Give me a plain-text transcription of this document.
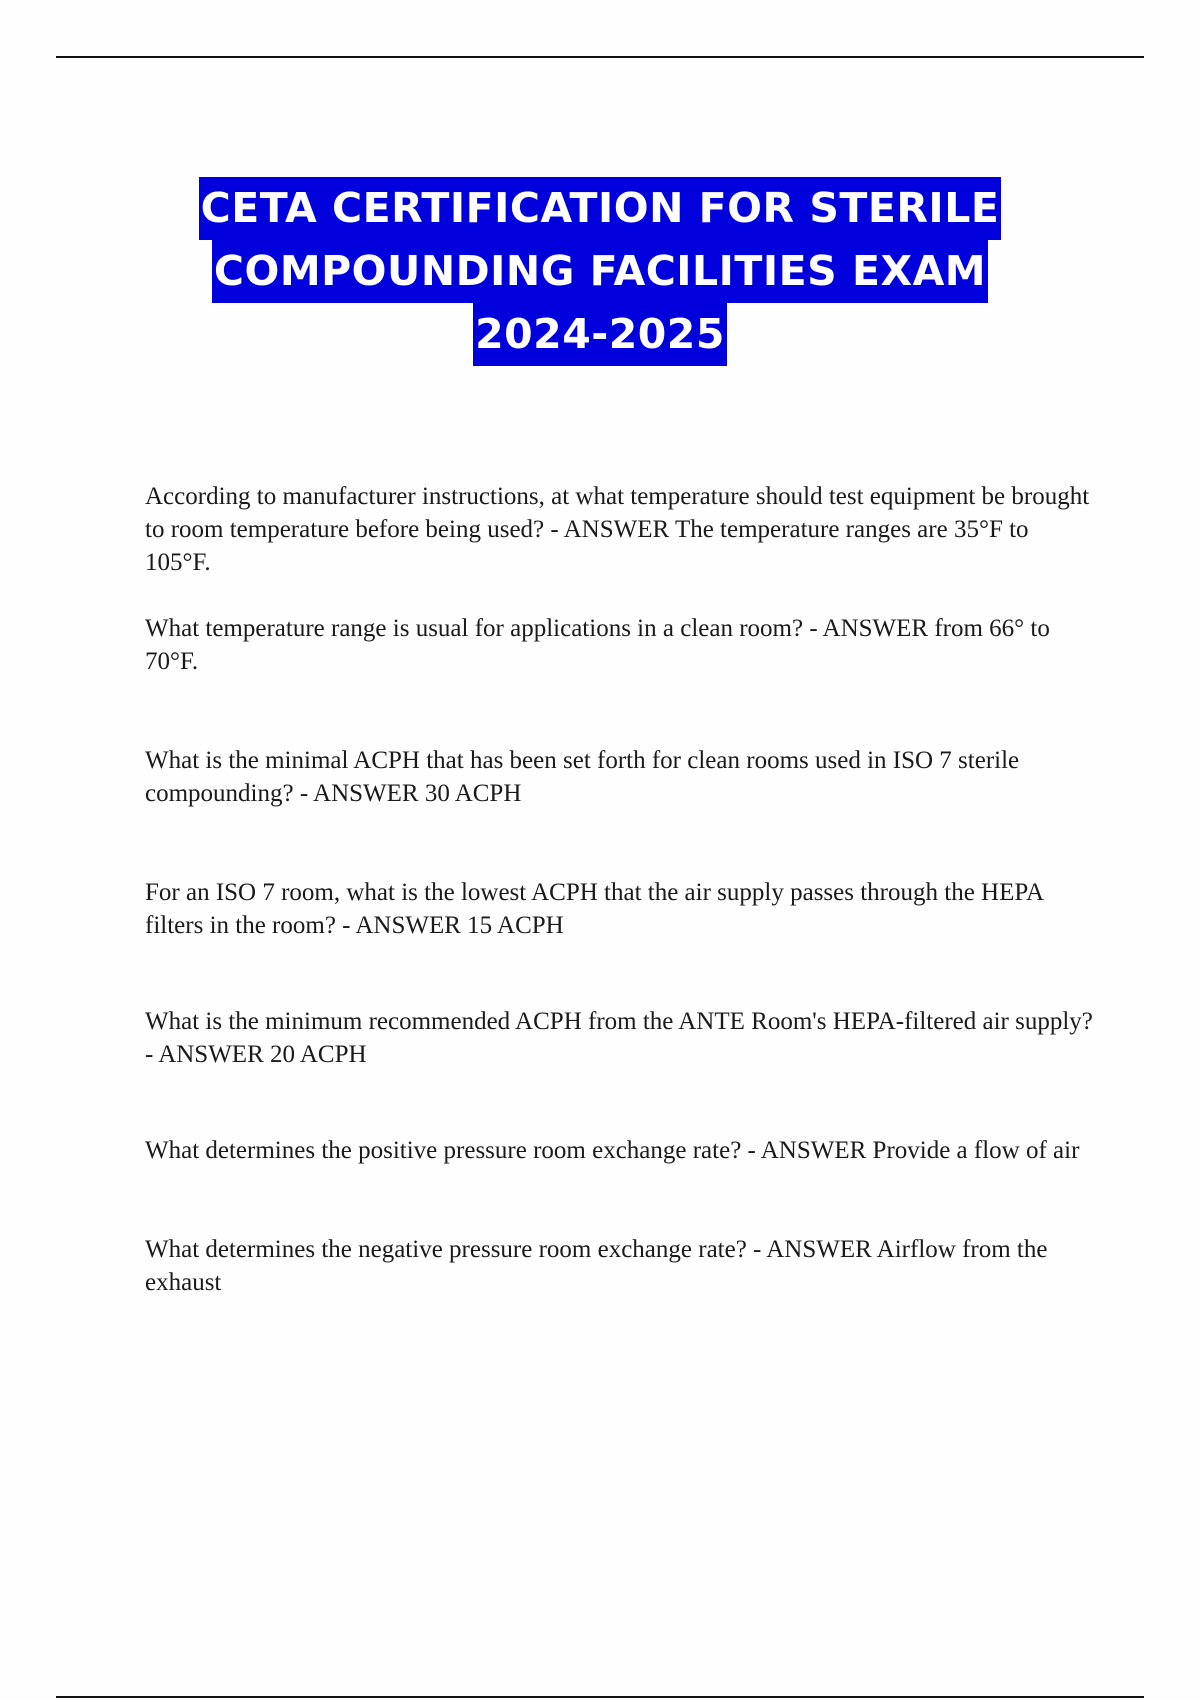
CETA CERTIFICATION FOR STERILE
COMPOUNDING FACILITIES EXAM
2024-2025

According to manufacturer instructions, at what temperature should test equipment be brought to room temperature before being used? - ANSWER The temperature ranges are 35°F to 105°F.

What temperature range is usual for applications in a clean room? - ANSWER from 66° to 70°F.

What is the minimal ACPH that has been set forth for clean rooms used in ISO 7 sterile compounding? - ANSWER 30 ACPH

For an ISO 7 room, what is the lowest ACPH that the air supply passes through the HEPA filters in the room? - ANSWER 15 ACPH

What is the minimum recommended ACPH from the ANTE Room's HEPA-filtered air supply? - ANSWER 20 ACPH

What determines the positive pressure room exchange rate? - ANSWER Provide a flow of air

What determines the negative pressure room exchange rate? - ANSWER Airflow from the exhaust
